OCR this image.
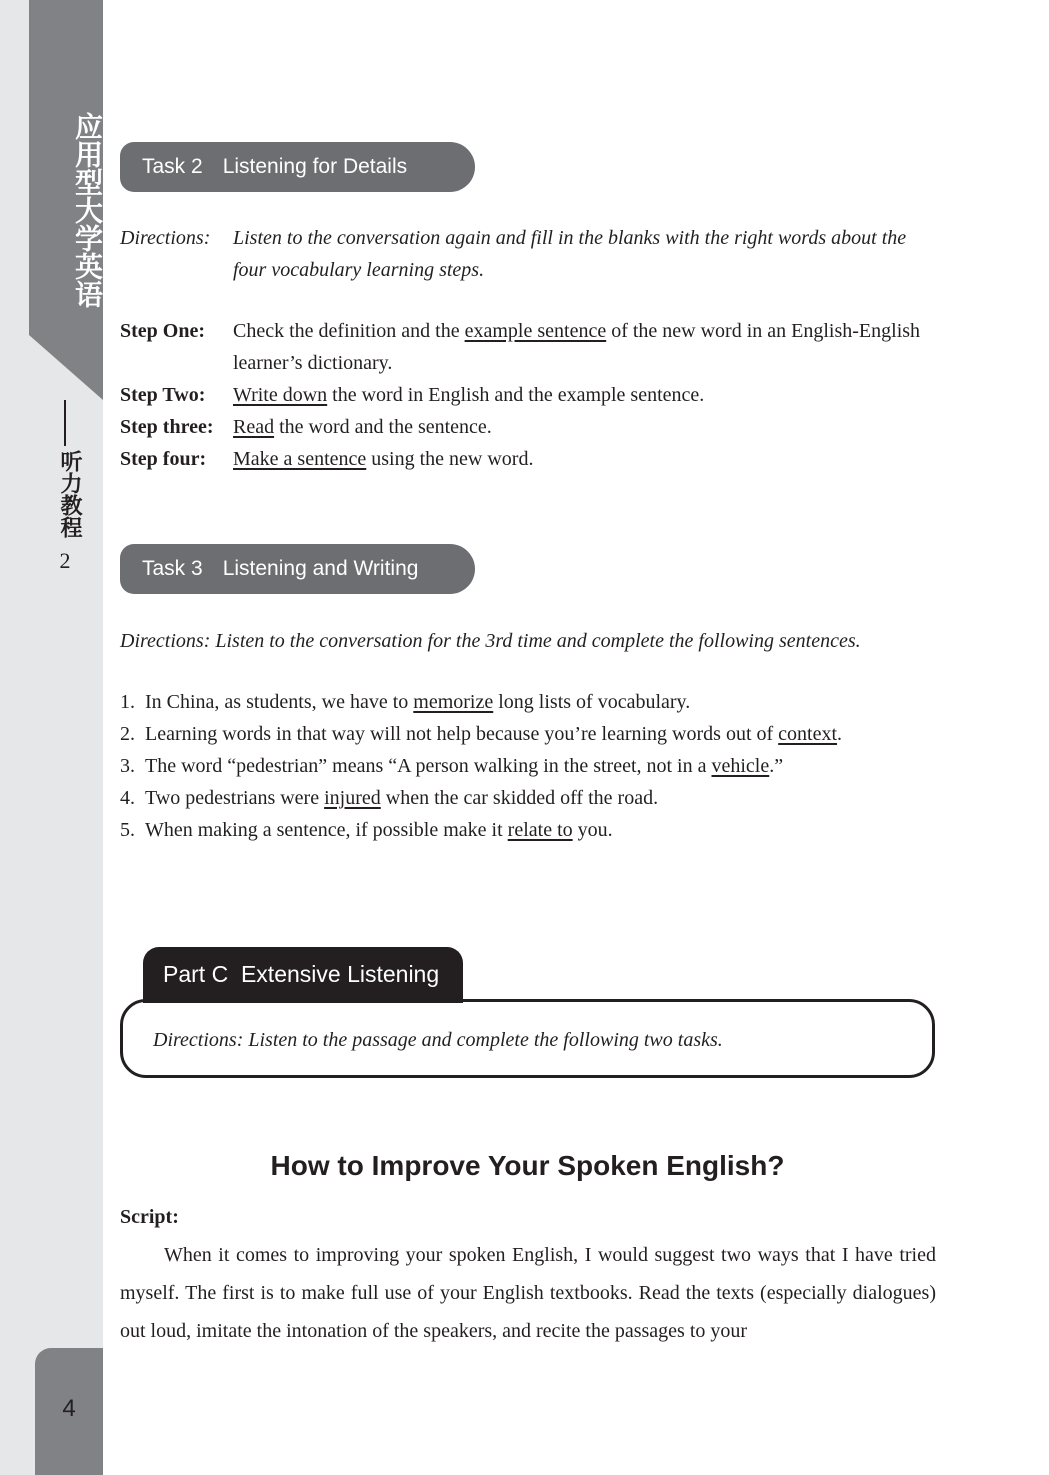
应用型大学英语
听力教程
2
4
Task 2 Listening for Details
Directions:	Listen to the conversation again and fill in the blanks with the right words about the four vocabulary learning steps.
Step One:	Check the definition and the example sentence of the new word in an English-English learner’s dictionary.
Step Two:	Write down the word in English and the example sentence.
Step three: Read the word and the sentence.
Step four:	Make a sentence using the new word.
Task 3 Listening and Writing
Directions: Listen to the conversation for the 3rd time and complete the following sentences.
1. In China, as students, we have to memorize long lists of vocabulary.
2. Learning words in that way will not help because you’re learning words out of context.
3. The word “pedestrian” means “A person walking in the street, not in a vehicle.”
4. Two pedestrians were injured when the car skidded off the road.
5. When making a sentence, if possible make it relate to you.
Part C Extensive Listening
Directions: Listen to the passage and complete the following two tasks.
How to Improve Your Spoken English?
Script:
When it comes to improving your spoken English, I would suggest two ways that I have tried myself. The first is to make full use of your English textbooks. Read the texts (especially dialogues) out loud, imitate the intonation of the speakers, and recite the passages to your
